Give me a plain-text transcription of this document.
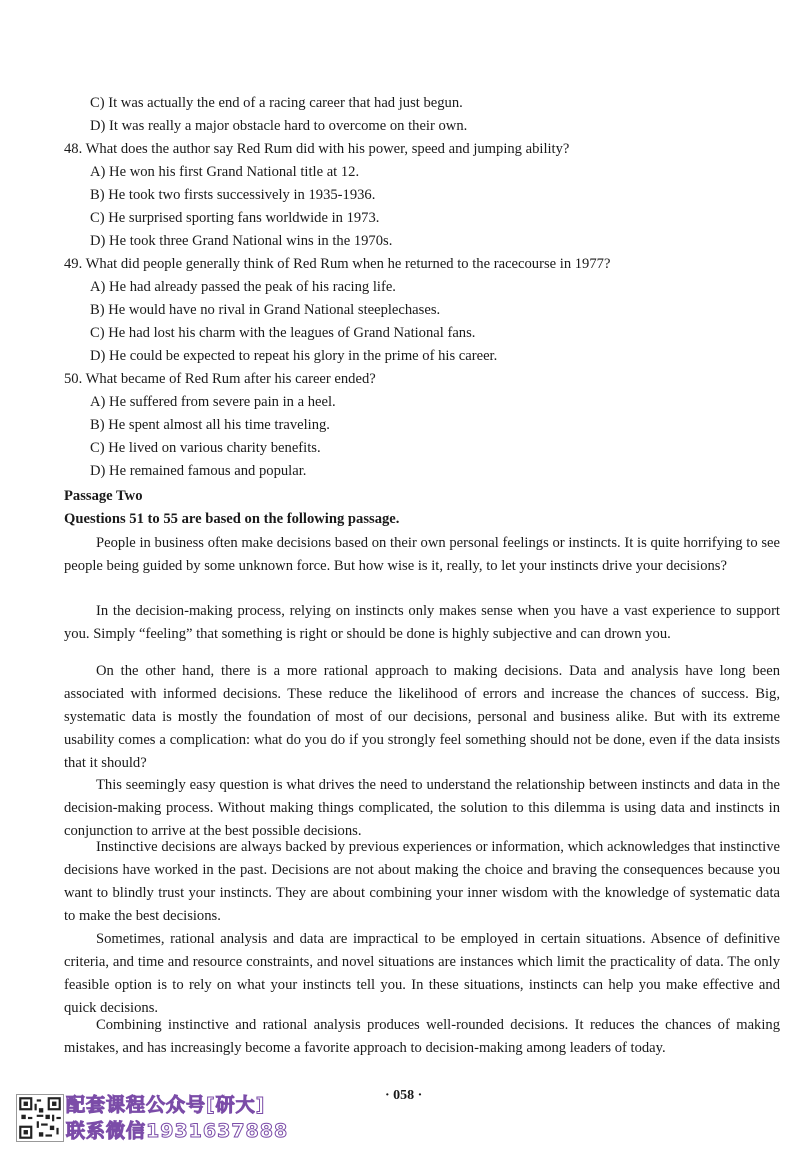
C) It was actually the end of a racing career that had just begun.
D) It was really a major obstacle hard to overcome on their own.
48. What does the author say Red Rum did with his power, speed and jumping ability?
A) He won his first Grand National title at 12.
B) He took two firsts successively in 1935-1936.
C) He surprised sporting fans worldwide in 1973.
D) He took three Grand National wins in the 1970s.
49. What did people generally think of Red Rum when he returned to the racecourse in 1977?
A) He had already passed the peak of his racing life.
B) He would have no rival in Grand National steeplechases.
C) He had lost his charm with the leagues of Grand National fans.
D) He could be expected to repeat his glory in the prime of his career.
50. What became of Red Rum after his career ended?
A) He suffered from severe pain in a heel.
B) He spent almost all his time traveling.
C) He lived on various charity benefits.
D) He remained famous and popular.
Passage Two
Questions 51 to 55 are based on the following passage.

People in business often make decisions based on their own personal feelings or instincts. It is quite horrifying to see people being guided by some unknown force. But how wise is it, really, to let your instincts drive your decisions?

In the decision-making process, relying on instincts only makes sense when you have a vast experience to support you. Simply “feeling” that something is right or should be done is highly subjective and can drown you.

On the other hand, there is a more rational approach to making decisions. Data and analysis have long been associated with informed decisions. These reduce the likelihood of errors and increase the chances of success. Big, systematic data is mostly the foundation of most of our decisions, personal and business alike. But with its extreme usability comes a complication: what do you do if you strongly feel something should not be done, even if the data insists that it should?

This seemingly easy question is what drives the need to understand the relationship between instincts and data in the decision-making process. Without making things complicated, the solution to this dilemma is using data and instincts in conjunction to arrive at the best possible decisions.

Instinctive decisions are always backed by previous experiences or information, which acknowledges that instinctive decisions have worked in the past. Decisions are not about making the choice and braving the consequences because you want to blindly trust your instincts. They are about combining your inner wisdom with the knowledge of systematic data to make the best decisions.

Sometimes, rational analysis and data are impractical to be employed in certain situations. Absence of definitive criteria, and time and resource constraints, and novel situations are instances which limit the practicality of data. The only feasible option is to rely on what your instincts tell you. In these situations, instincts can help you make effective and quick decisions.

Combining instinctive and rational analysis produces well-rounded decisions. It reduces the chances of making mistakes, and has increasingly become a favorite approach to decision-making among leaders of today.

· 058 ·
配套课程公众号[研大]
联系微信1931637888
